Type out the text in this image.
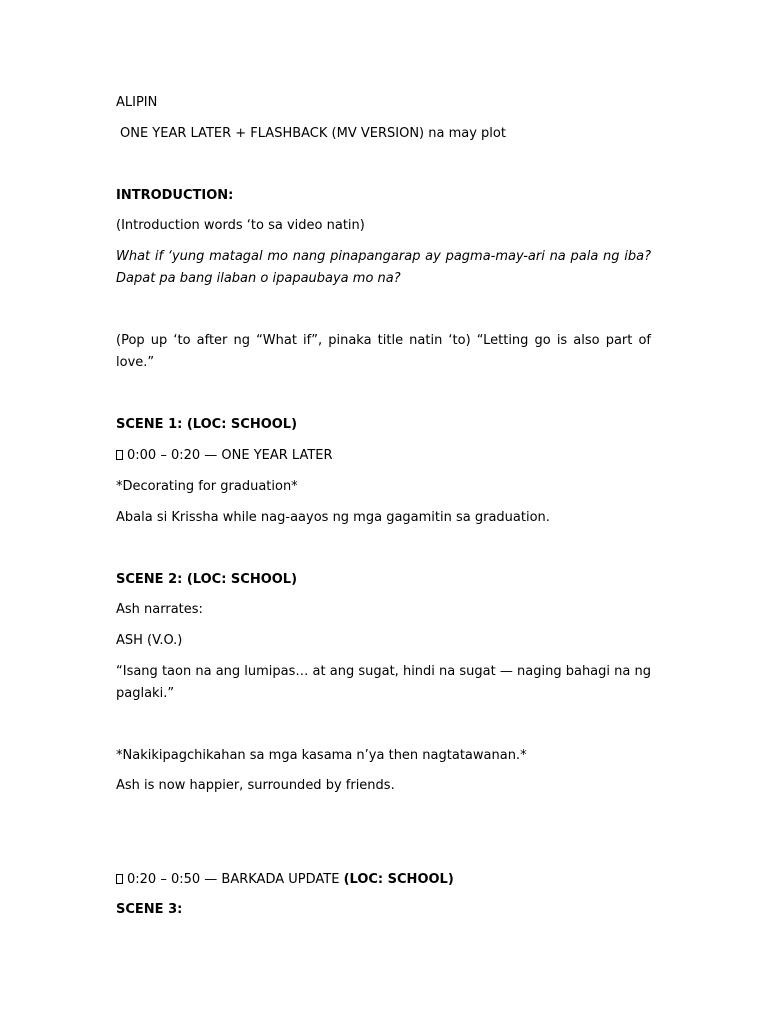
ALIPIN
ONE YEAR LATER + FLASHBACK (MV VERSION) na may plot
INTRODUCTION:
(Introduction words ‘to sa video natin)
What if ‘yung matagal mo nang pinapangarap ay pagma-may-ari na pala ng iba? Dapat pa bang ilaban o ipapaubaya mo na?
(Pop up ‘to after ng “What if”, pinaka title natin ‘to) “Letting go is also part of love.”
SCENE 1: (LOC: SCHOOL)
0:00 – 0:20 — ONE YEAR LATER
*Decorating for graduation*
Abala si Krissha while nag-aayos ng mga gagamitin sa graduation.
SCENE 2: (LOC: SCHOOL)
Ash narrates:
ASH (V.O.)
“Isang taon na ang lumipas… at ang sugat, hindi na sugat — naging bahagi na ng paglaki.”
*Nakikipagchikahan sa mga kasama n’ya then nagtatawanan.*
Ash is now happier, surrounded by friends.
0:20 – 0:50 — BARKADA UPDATE (LOC: SCHOOL)
SCENE 3:
